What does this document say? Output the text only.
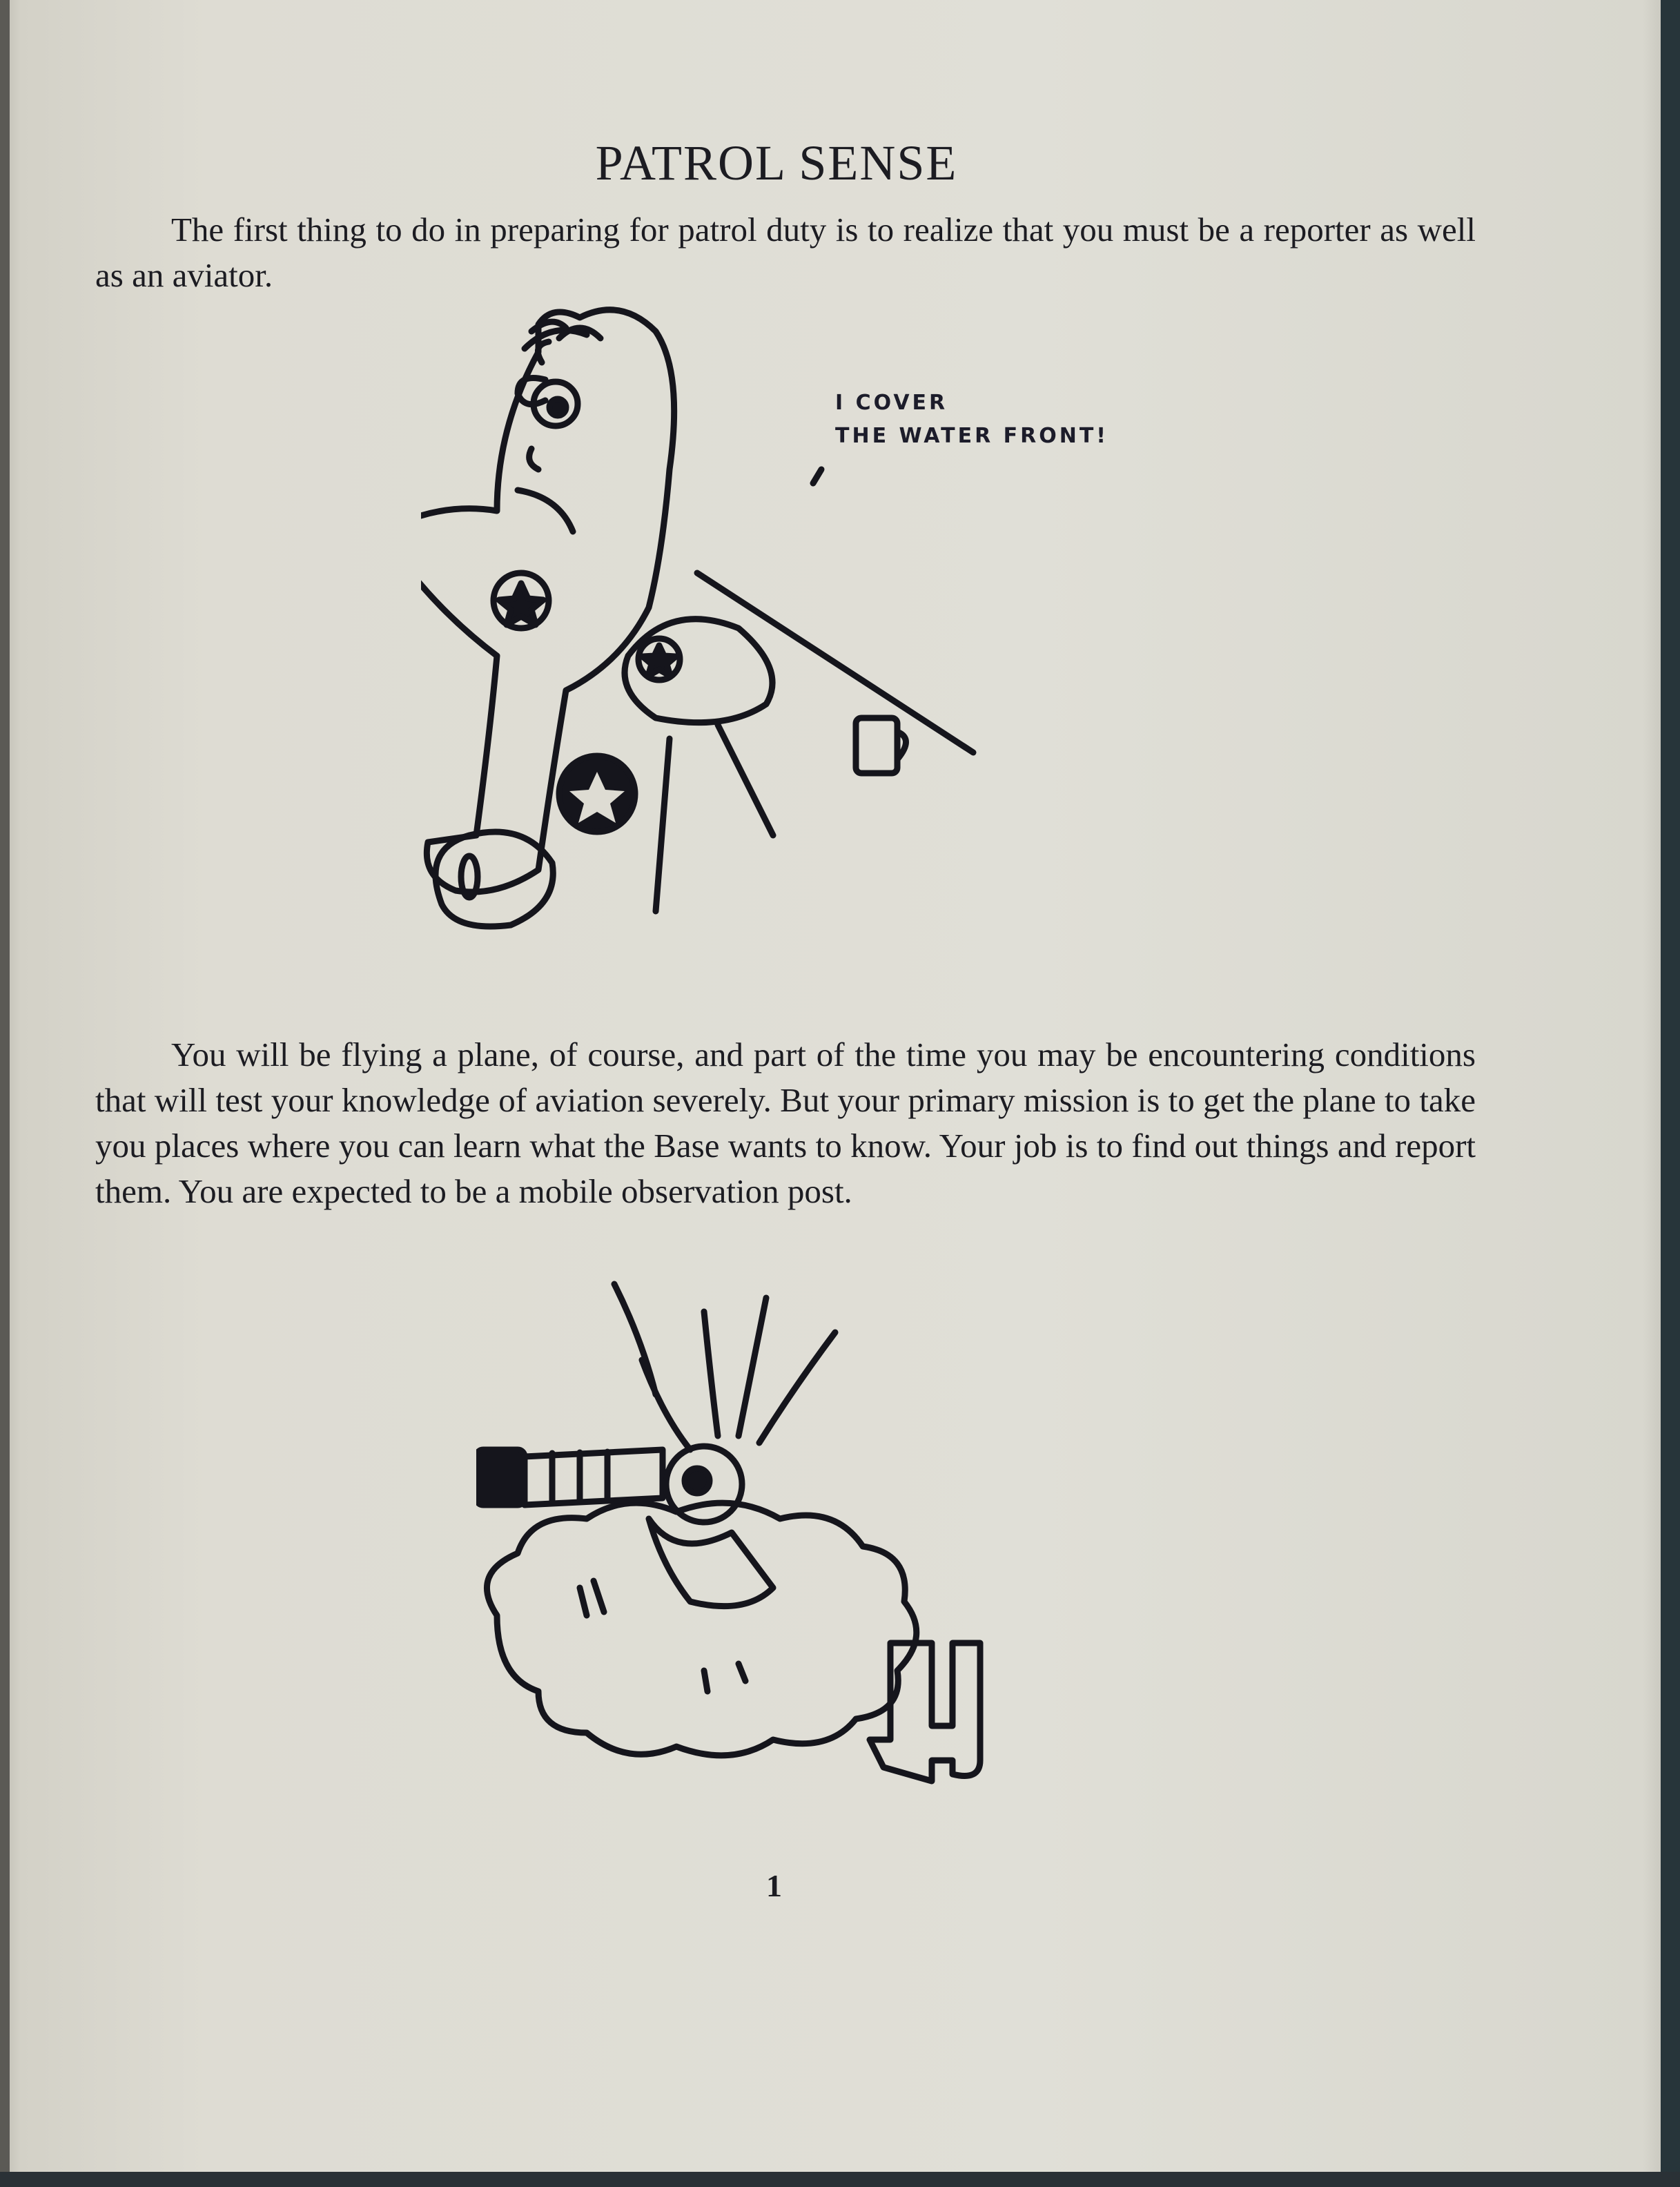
PATROL SENSE

The first thing to do in preparing for patrol duty is to realize that you must be a reporter as well as an aviator.

I COVER
THE WATER FRONT!

You will be flying a plane, of course, and part of the time you may be encountering conditions that will test your knowledge of aviation severely. But your primary mission is to get the plane to take you places where you can learn what the Base wants to know. Your job is to find out things and report them. You are expected to be a mobile observation post.

1
